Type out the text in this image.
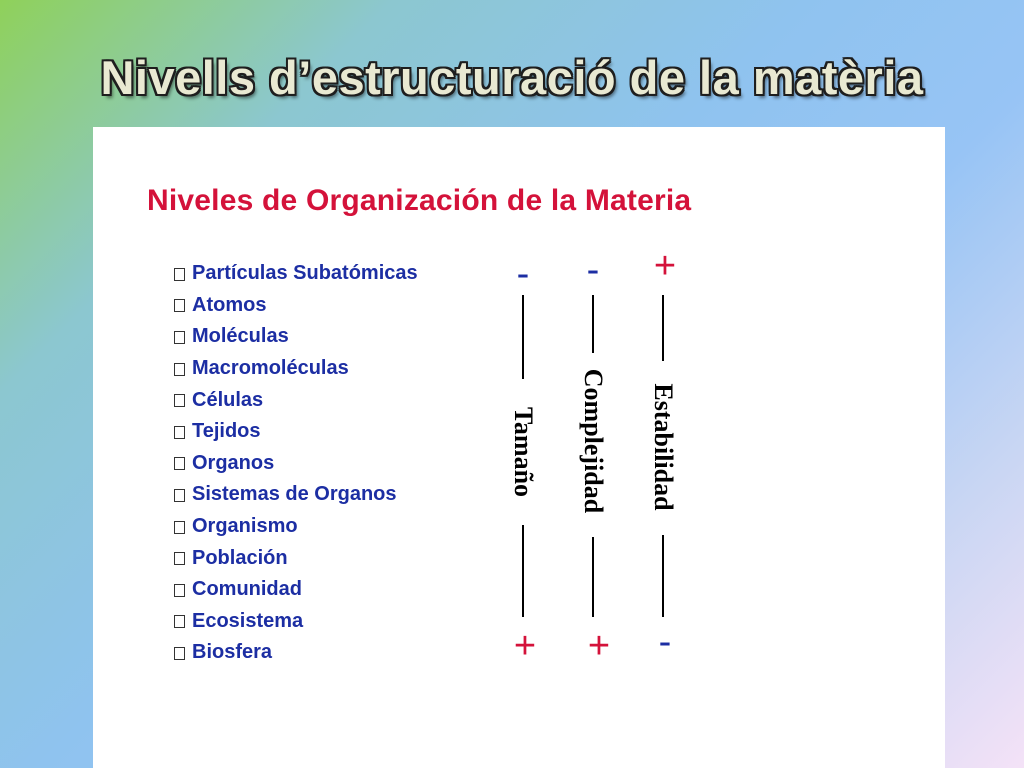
Nivells d’estructuració de la matèria
Niveles de Organización de la Materia
Partículas Subatómicas
Atomos
Moléculas
Macromoléculas
Células
Tejidos
Organos
Sistemas de Organos
Organismo
Población
Comunidad
Ecosistema
Biosfera
-
Tamaño
+
-
Complejidad
+
+
Estabilidad
-
